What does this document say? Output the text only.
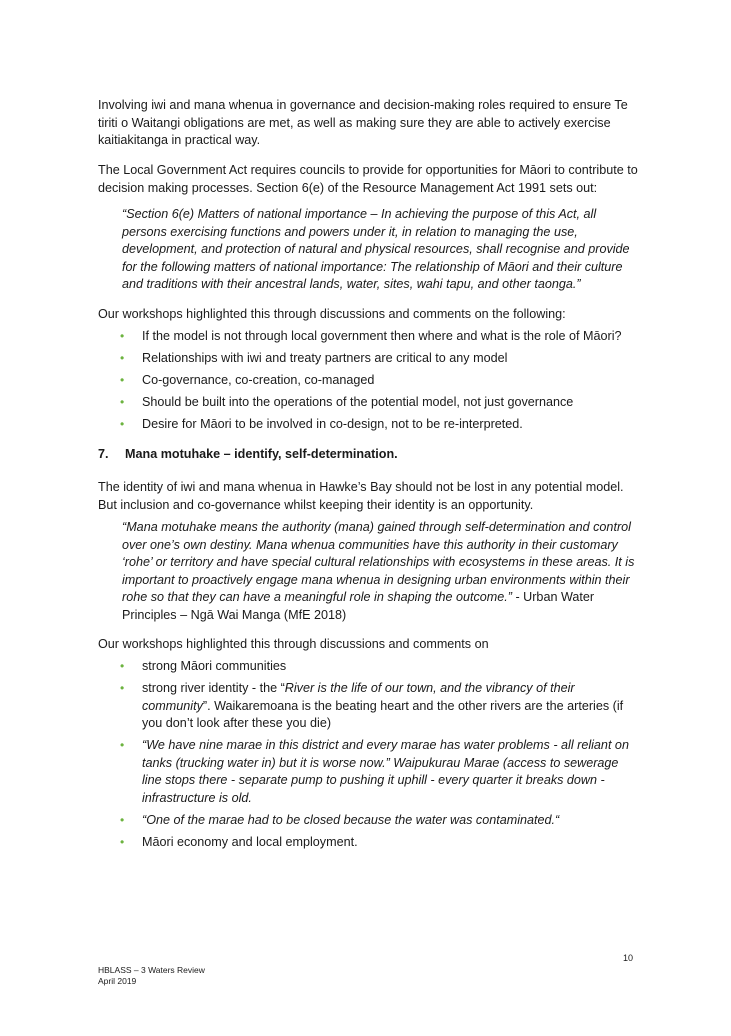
Involving iwi and mana whenua in governance and decision-making roles required to ensure Te tiriti o Waitangi obligations are met, as well as making sure they are able to actively exercise kaitiakitanga in practical way.

The Local Government Act requires councils to provide for opportunities for Māori to contribute to decision making processes. Section 6(e) of the Resource Management Act 1991 sets out:

“Section 6(e) Matters of national importance – In achieving the purpose of this Act, all persons exercising functions and powers under it, in relation to managing the use, development, and protection of natural and physical resources, shall recognise and provide for the following matters of national importance: The relationship of Māori and their culture and traditions with their ancestral lands, water, sites, wahi tapu, and other taonga.”

Our workshops highlighted this through discussions and comments on the following:

• If the model is not through local government then where and what is the role of Māori?
• Relationships with iwi and treaty partners are critical to any model
• Co-governance, co-creation, co-managed
• Should be built into the operations of the potential model, not just governance
• Desire for Māori to be involved in co-design, not to be re-interpreted.

7. Mana motuhake – identify, self-determination.

The identity of iwi and mana whenua in Hawke’s Bay should not be lost in any potential model. But inclusion and co-governance whilst keeping their identity is an opportunity.

“Mana motuhake means the authority (mana) gained through self-determination and control over one’s own destiny. Mana whenua communities have this authority in their customary ‘rohe’ or territory and have special cultural relationships with ecosystems in these areas. It is important to proactively engage mana whenua in designing urban environments within their rohe so that they can have a meaningful role in shaping the outcome.” - Urban Water Principles – Ngā Wai Manga (MfE 2018)

Our workshops highlighted this through discussions and comments on

• strong Māori communities
• strong river identity - the “River is the life of our town, and the vibrancy of their community”. Waikaremoana is the beating heart and the other rivers are the arteries (if you don’t look after these you die)
• “We have nine marae in this district and every marae has water problems - all reliant on tanks (trucking water in) but it is worse now.” Waipukurau Marae (access to sewerage line stops there - separate pump to pushing it uphill - every quarter it breaks down - infrastructure is old.
• “One of the marae had to be closed because the water was contaminated.“
• Māori economy and local employment.
10
HBLASS – 3 Waters Review
April 2019
